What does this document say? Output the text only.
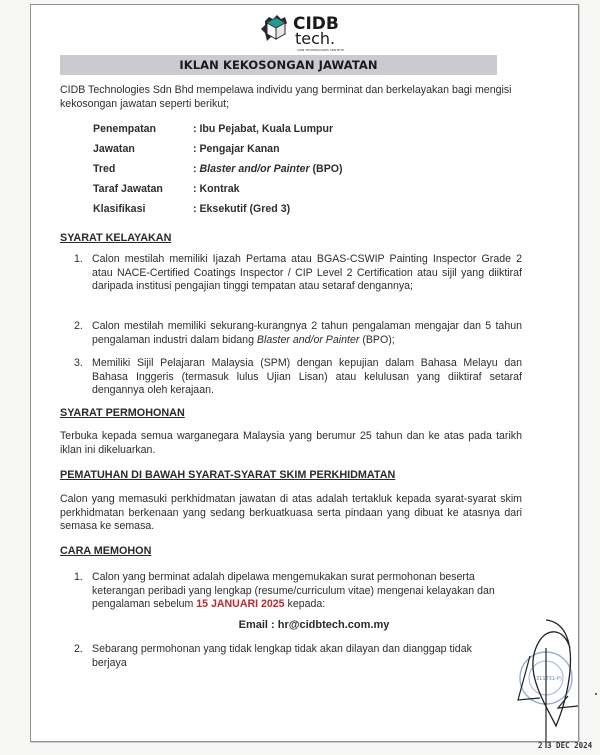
CIDB
tech.
CIDB TECHNOLOGIES SDN BHD
IKLAN KEKOSONGAN JAWATAN
CIDB Technologies Sdn Bhd mempelawa individu yang berminat dan berkelayakan bagi mengisi kekosongan jawatan seperti berikut;
Penempatan	: Ibu Pejabat, Kuala Lumpur
Jawatan	: Pengajar Kanan
Tred	: Blaster and/or Painter (BPO)
Taraf Jawatan	: Kontrak
Klasifikasi	: Eksekutif (Gred 3)
SYARAT KELAYAKAN
1. Calon mestilah memiliki Ijazah Pertama atau BGAS-CSWIP Painting Inspector Grade 2 atau NACE-Certified Coatings Inspector / CIP Level 2 Certification atau sijil yang diiktiraf daripada institusi pengajian tinggi tempatan atau setaraf dengannya;
2. Calon mestilah memiliki sekurang-kurangnya 2 tahun pengalaman mengajar dan 5 tahun pengalaman industri dalam bidang Blaster and/or Painter (BPO);
3. Memiliki Sijil Pelajaran Malaysia (SPM) dengan kepujian dalam Bahasa Melayu dan Bahasa Inggeris (termasuk lulus Ujian Lisan) atau kelulusan yang diiktiraf setaraf dengannya oleh kerajaan.
SYARAT PERMOHONAN
Terbuka kepada semua warganegara Malaysia yang berumur 25 tahun dan ke atas pada tarikh iklan ini dikeluarkan.
PEMATUHAN DI BAWAH SYARAT-SYARAT SKIM PERKHIDMATAN
Calon yang memasuki perkhidmatan jawatan di atas adalah tertakluk kepada syarat-syarat skim perkhidmatan berkenaan yang sedang berkuatkuasa serta pindaan yang dibuat ke atasnya dari semasa ke semasa.
CARA MEMOHON
1. Calon yang berminat adalah dipelawa mengemukakan surat permohonan beserta keterangan peribadi yang lengkap (resume/curriculum vitae) mengenai kelayakan dan pengalaman sebelum 15 JANUARI 2025 kepada:
Email : hr@cidbtech.com.my
2. Sebarang permohonan yang tidak lengkap tidak akan dilayan dan dianggap tidak berjaya
(311731-P)
2 3 DEC 2024
